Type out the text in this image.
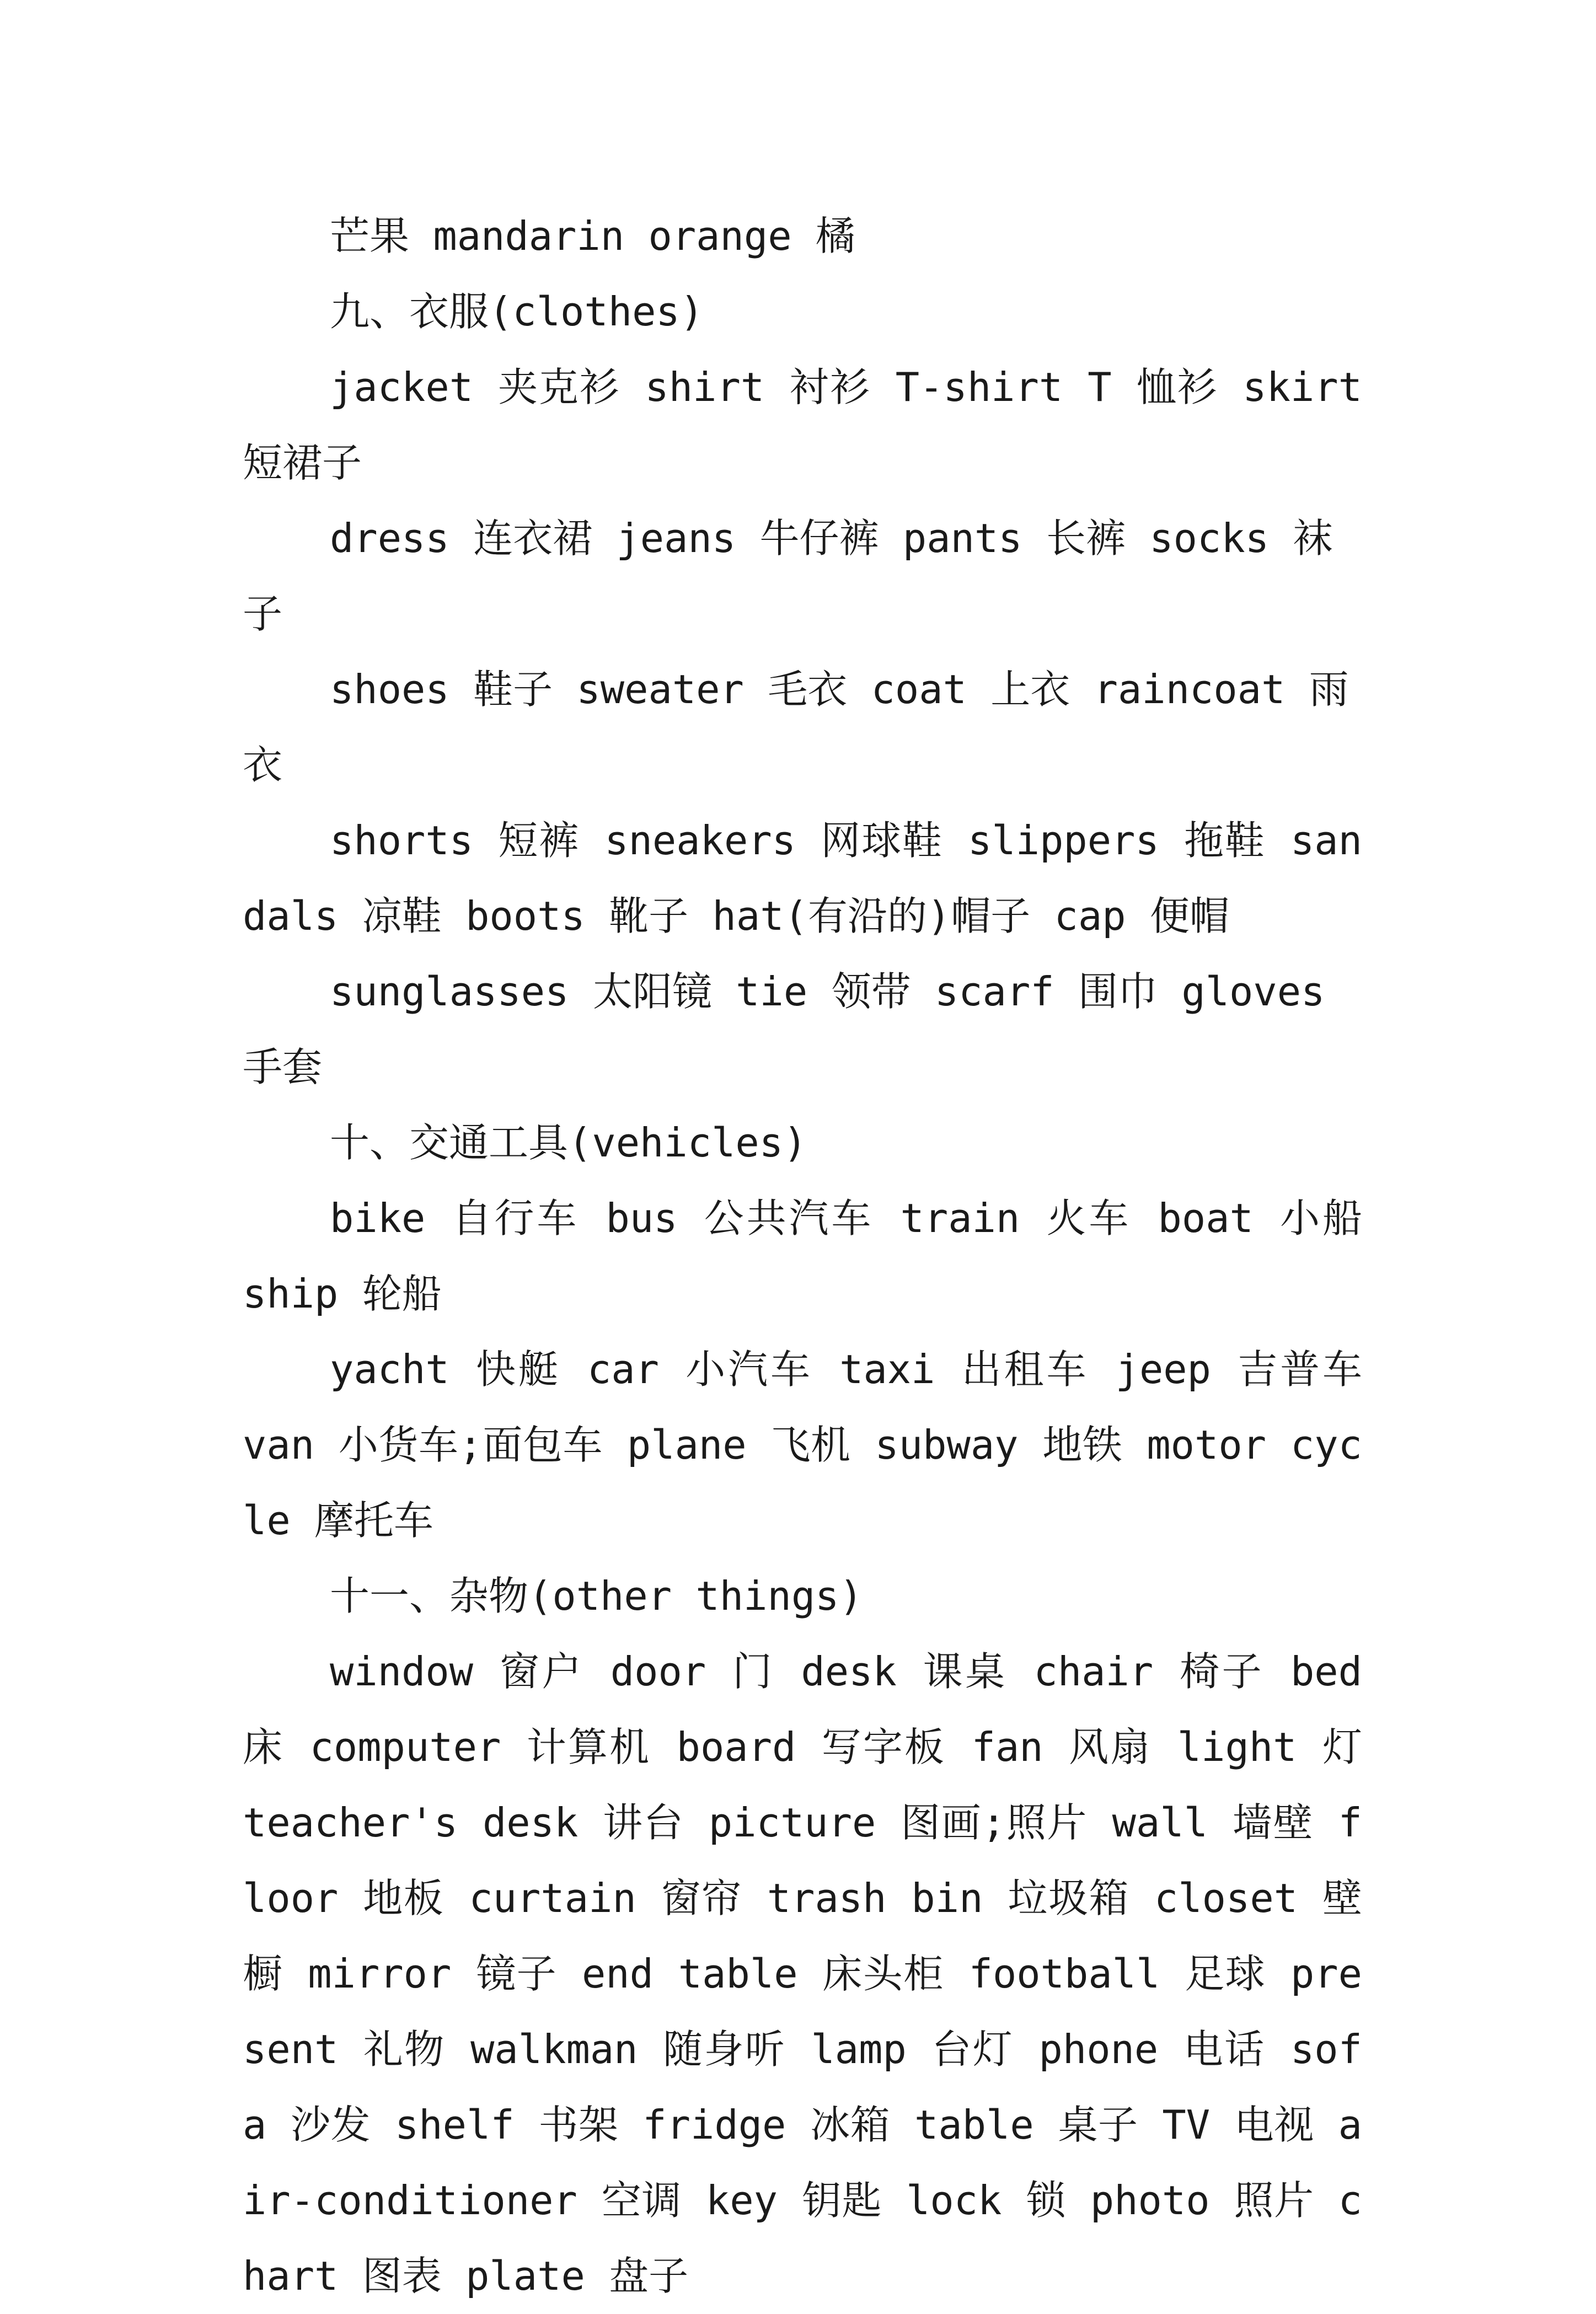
芒果 mandarin orange 橘

九、衣服(clothes)

jacket 夹克衫 shirt 衬衫 T-shirt T 恤衫 skirt 短裙子

dress 连衣裙 jeans 牛仔裤 pants 长裤 socks 袜子

shoes 鞋子 sweater 毛衣 coat 上衣 raincoat 雨衣

shorts 短裤 sneakers 网球鞋 slippers 拖鞋 sandals 凉鞋 boots 靴子 hat(有沿的)帽子 cap 便帽

sunglasses 太阳镜 tie 领带 scarf 围巾 gloves 手套

十、交通工具(vehicles)

bike 自行车 bus 公共汽车 train 火车 boat 小船 ship 轮船

yacht 快艇 car 小汽车 taxi 出租车 jeep 吉普车 van 小货车;面包车 plane 飞机 subway 地铁 motor cycle 摩托车

十一、杂物(other things)

window 窗户 door 门 desk 课桌 chair 椅子 bed 床 computer 计算机 board 写字板 fan 风扇 light 灯 teacher's desk 讲台 picture 图画;照片 wall 墙壁 floor 地板 curtain 窗帘 trash bin 垃圾箱 closet 壁橱 mirror 镜子 end table 床头柜 football 足球 present 礼物 walkman 随身听 lamp 台灯 phone 电话 sofa 沙发 shelf 书架 fridge 冰箱 table 桌子 TV 电视 air-conditioner 空调 key 钥匙 lock 锁 photo 照片 chart 图表 plate 盘子
